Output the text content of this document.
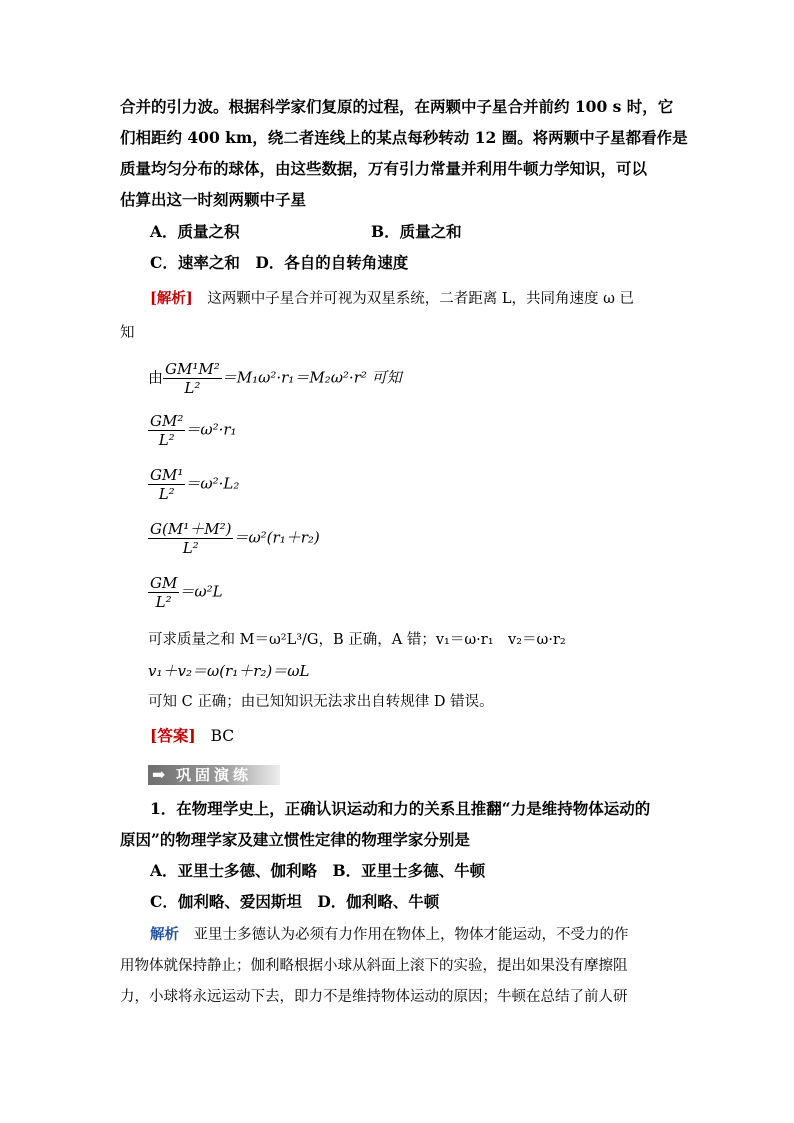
合并的引力波。根据科学家们复原的过程，在两颗中子星合并前约 100 s 时，它
们相距约 400 km，绕二者连线上的某点每秒转动 12 圈。将两颗中子星都看作是
质量均匀分布的球体，由这些数据，万有引力常量并利用牛顿力学知识，可以
估算出这一时刻两颗中子星
A．质量之积	B．质量之和
C．速率之和　D．各自的自转角速度
[解析]　这两颗中子星合并可视为双星系统，二者距离 L，共同角速度 ω 已
知
由 $\frac{\text{GM¹M²}}{\text{L²}} =M_1\omega^2\cdot r_1=M_2\omega^2\cdot r^2$ 可知
$\frac{\text{GM²}}{\text{L²}} =\omega^2\cdot r_1$
$\frac{\text{GM¹}}{\text{L²}} =\omega^2\cdot L_2$
$\frac{\text{G(M¹＋M²)}}{\text{L²}} =\omega^2(r_1+r_2)$
$\frac{GM}{\text{L²}} =\omega^2L$
可求质量之和 M＝ω²L³/G，B 正确，A 错；v₁＝ω·r₁　v₂＝ω·r₂
v₁＋v₂＝ω(r₁＋r₂)＝ωL
可知 C 正确；由已知知识无法求出自转规律 D 错误。
[答案] BC
➡ 巩固演练
1．在物理学史上，正确认识运动和力的关系且推翻“力是维持物体运动的
原因”的物理学家及建立惯性定律的物理学家分别是
A．亚里士多德、伽利略　B．亚里士多德、牛顿
C．伽利略、爱因斯坦　D．伽利略、牛顿
解析　亚里士多德认为必须有力作用在物体上，物体才能运动，不受力的作
用物体就保持静止；伽利略根据小球从斜面上滚下的实验，提出如果没有摩擦阻
力，小球将永远运动下去，即力不是维持物体运动的原因；牛顿在总结了前人研
